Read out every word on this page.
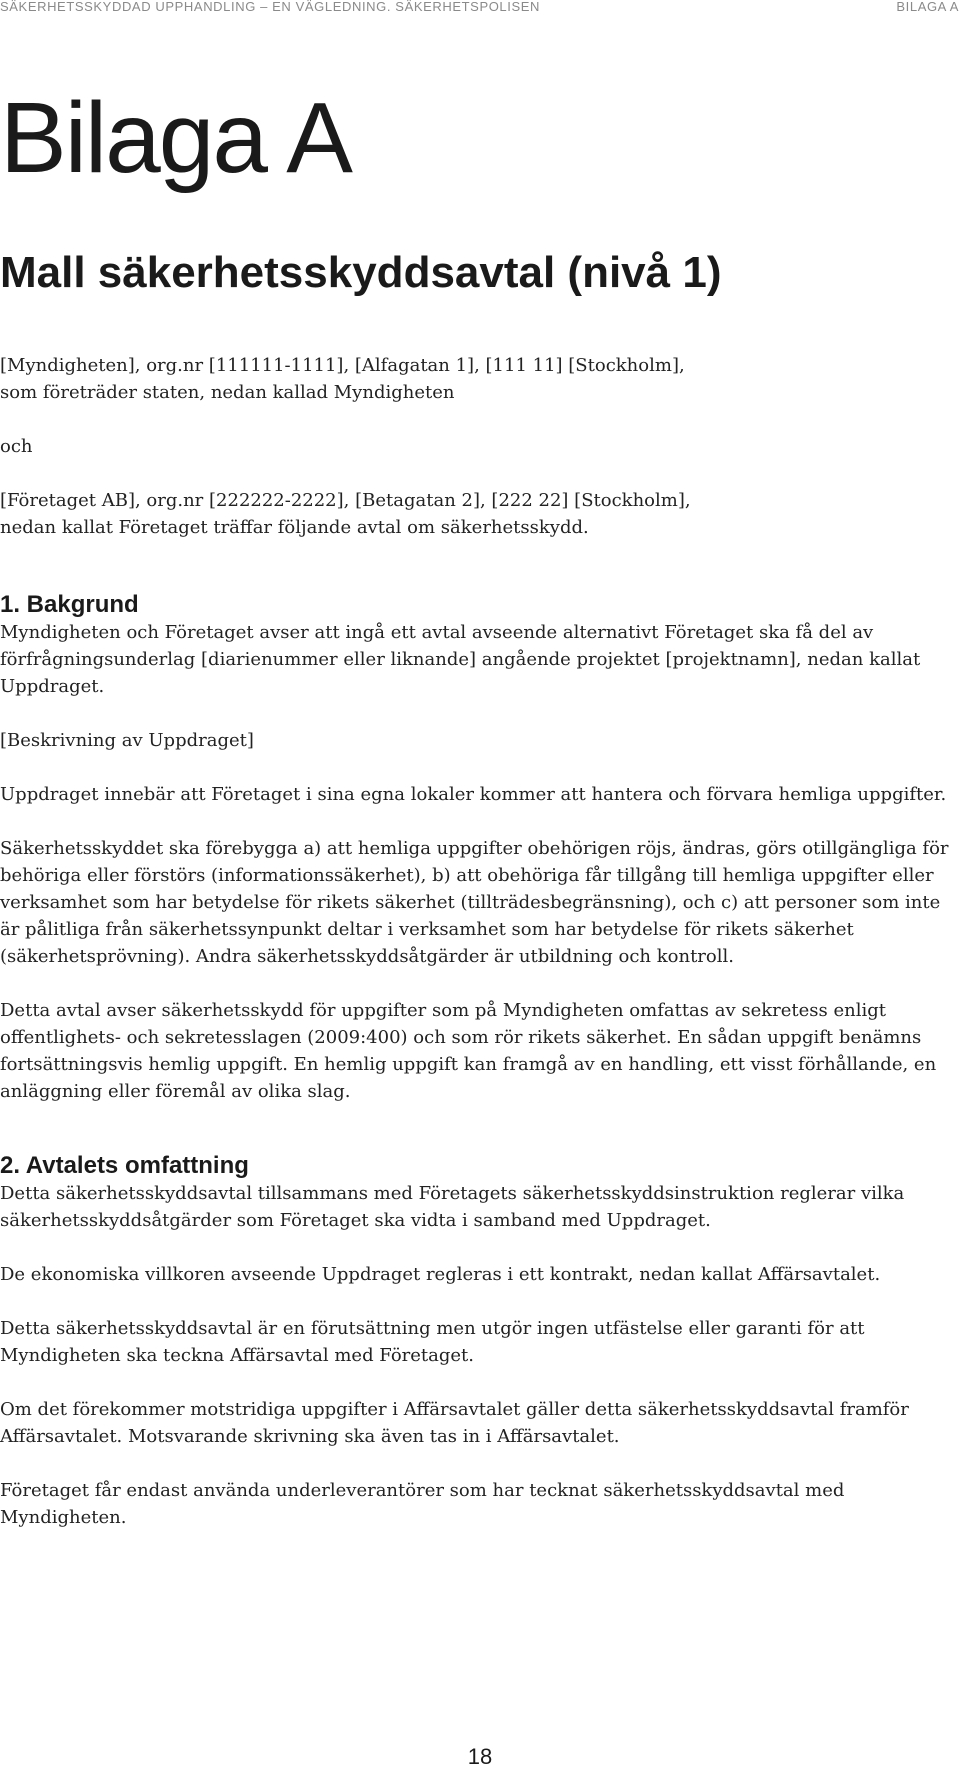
SÄKERHETSSKYDDAD UPPHANDLING – EN VÄGLEDNING. SÄKERHETSPOLISEN	BILAGA A
Bilaga A
Mall säkerhetsskyddsavtal (nivå 1)

[Myndigheten], org.nr [111111-1111], [Alfagatan 1], [111 11] [Stockholm],
som företräder staten, nedan kallad Myndigheten

och

[Företaget AB], org.nr [222222-2222], [Betagatan 2], [222 22] [Stockholm],
nedan kallat Företaget träffar följande avtal om säkerhetsskydd.

1. Bakgrund

Myndigheten och Företaget avser att ingå ett avtal avseende alternativt Företaget ska få del av förfrågningsunderlag [diarienummer eller liknande] angående projektet [projektnamn], nedan kallat Uppdraget.

[Beskrivning av Uppdraget]

Uppdraget innebär att Företaget i sina egna lokaler kommer att hantera och förvara hemliga uppgifter.

Säkerhetsskyddet ska förebygga a) att hemliga uppgifter obehörigen röjs, ändras, görs otillgängliga för behöriga eller förstörs (informationssäkerhet), b) att obehöriga får tillgång till hemliga uppgifter eller verksamhet som har betydelse för rikets säkerhet (tillträdesbegränsning), och c) att personer som inte är pålitliga från säkerhetssynpunkt deltar i verksamhet som har betydelse för rikets säkerhet (säkerhetsprövning). Andra säkerhetsskyddsåtgärder är utbildning och kontroll.

Detta avtal avser säkerhetsskydd för uppgifter som på Myndigheten omfattas av sekretess enligt offentlighets- och sekretesslagen (2009:400) och som rör rikets säkerhet. En sådan uppgift benämns fortsättningsvis hemlig uppgift. En hemlig uppgift kan framgå av en handling, ett visst förhållande, en anläggning eller föremål av olika slag.

2. Avtalets omfattning

Detta säkerhetsskyddsavtal tillsammans med Företagets säkerhetsskyddsinstruktion reglerar vilka säkerhetsskyddsåtgärder som Företaget ska vidta i samband med Uppdraget.

De ekonomiska villkoren avseende Uppdraget regleras i ett kontrakt, nedan kallat Affärsavtalet.

Detta säkerhetsskyddsavtal är en förutsättning men utgör ingen utfästelse eller garanti för att Myndigheten ska teckna Affärsavtal med Företaget.

Om det förekommer motstridiga uppgifter i Affärsavtalet gäller detta säkerhetsskyddsavtal framför Affärsavtalet. Motsvarande skrivning ska även tas in i Affärsavtalet.

Företaget får endast använda underleverantörer som har tecknat säkerhetsskyddsavtal med Myndigheten.

18
